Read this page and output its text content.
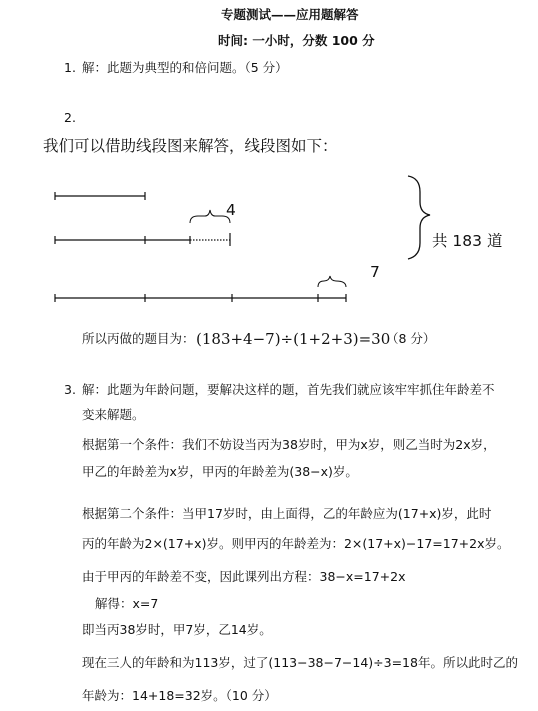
专题测试——应用题解答
时间: 一小时，分数 100 分
1. 解：此题为典型的和倍问题。（5 分）
2.
我们可以借助线段图来解答，线段图如下：
4
7
共 183 道
所以丙做的题目为： (183+4−7)÷(1+2+3)=30
（8 分）
3. 解：此题为年龄问题，要解决这样的题，首先我们就应该牢牢抓住年龄差不
变来解题。
根据第一个条件：我们不妨设当丙为38岁时，甲为x岁，则乙当时为2x岁，
甲乙的年龄差为x岁，甲丙的年龄差为(38−x)岁。
根据第二个条件：当甲17岁时，由上面得，乙的年龄应为(17+x)岁，此时
丙的年龄为2×(17+x)岁。则甲丙的年龄差为：2×(17+x)−17=17+2x岁。
由于甲丙的年龄差不变，因此课列出方程：38−x=17+2x
解得：x=7
即当丙38岁时，甲7岁，乙14岁。
现在三人的年龄和为113岁，过了(113−38−7−14)÷3=18年。所以此时乙的
年龄为：14+18=32岁。（10 分）
